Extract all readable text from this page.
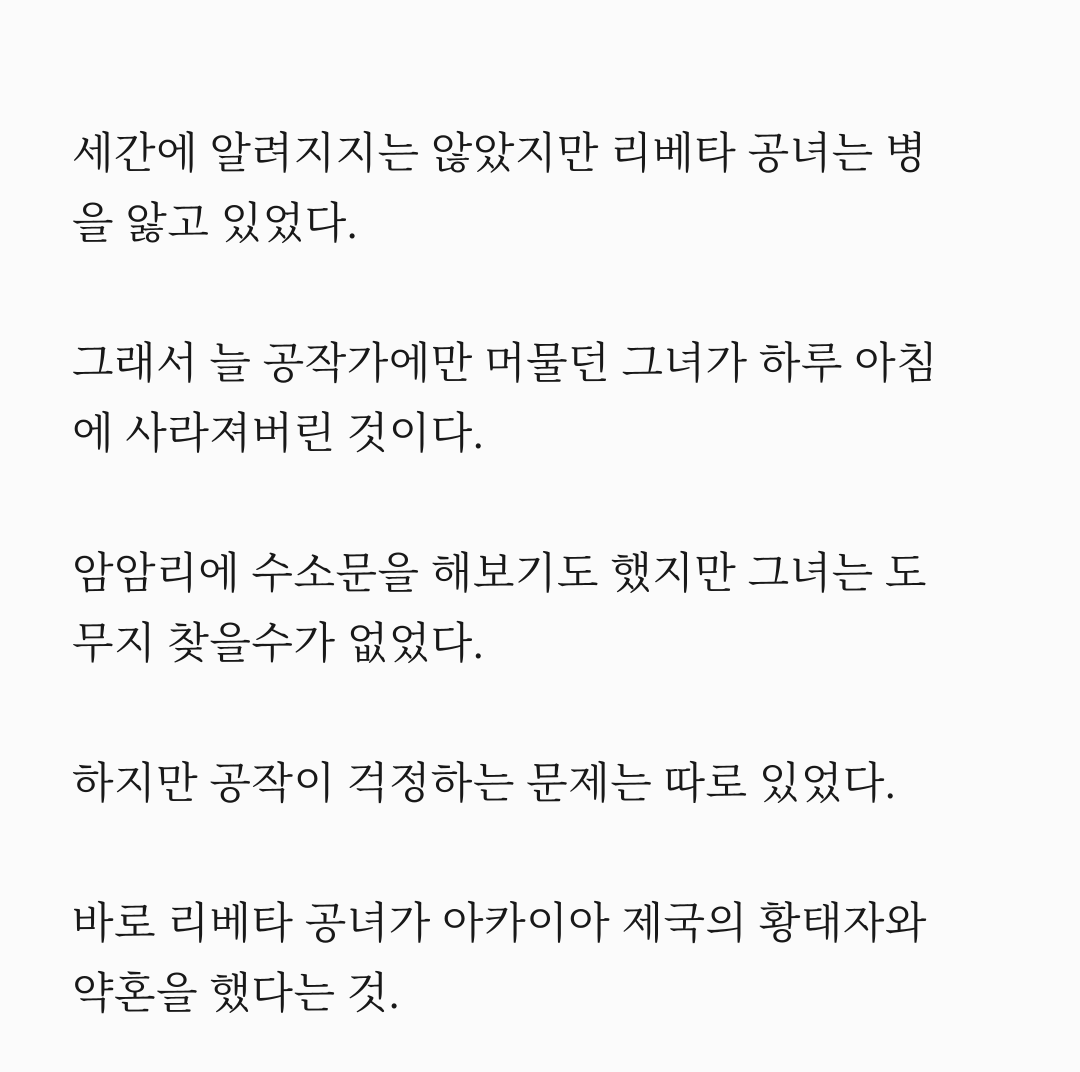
세간에 알려지지는 않았지만 리베타 공녀는 병
을 앓고 있었다.
그래서 늘 공작가에만 머물던 그녀가 하루 아침
에 사라져버린 것이다.
암암리에 수소문을 해보기도 했지만 그녀는 도
무지 찾을수가 없었다.
하지만 공작이 걱정하는 문제는 따로 있었다.
바로 리베타 공녀가 아카이아 제국의 황태자와
약혼을 했다는 것.
